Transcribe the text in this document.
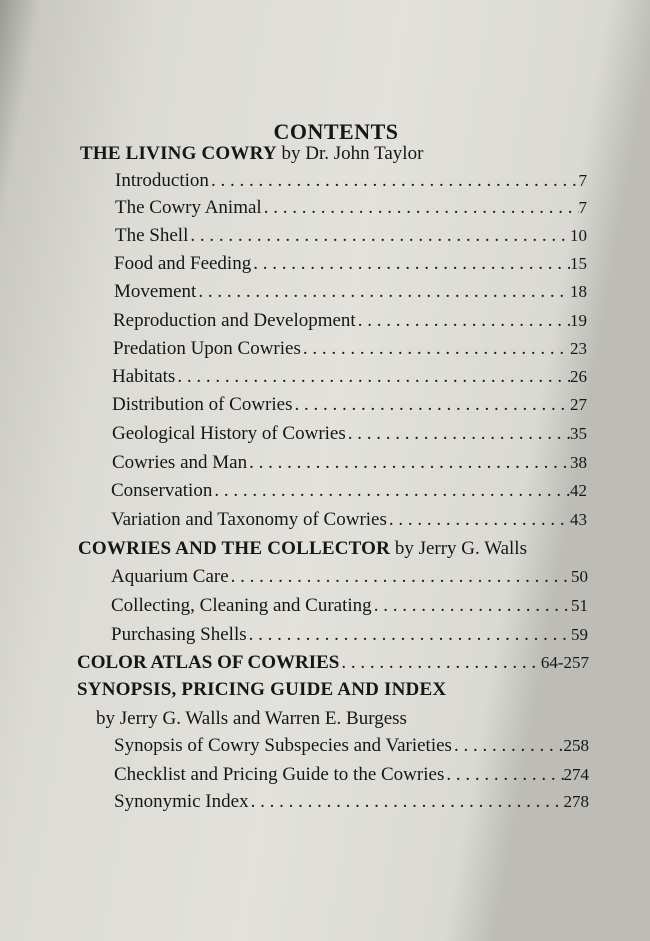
CONTENTS
THE LIVING COWRY by Dr. John Taylor
Introduction . . .	7
The Cowry Animal . . .	7
The Shell . . .	10
Food and Feeding . . .	15
Movement . . .	18
Reproduction and Development . . .	19
Predation Upon Cowries . . .	23
Habitats . . .	26
Distribution of Cowries . . .	27
Geological History of Cowries . . .	35
Cowries and Man . . .	38
Conservation . . .	42
Variation and Taxonomy of Cowries . . .	43
COWRIES AND THE COLLECTOR by Jerry G. Walls
Aquarium Care . . .	50
Collecting, Cleaning and Curating . . .	51
Purchasing Shells . . .	59
COLOR ATLAS OF COWRIES . . .	64-257
SYNOPSIS, PRICING GUIDE AND INDEX
by Jerry G. Walls and Warren E. Burgess
Synopsis of Cowry Subspecies and Varieties . . .	258
Checklist and Pricing Guide to the Cowries . . .	274
Synonymic Index . . .	278
